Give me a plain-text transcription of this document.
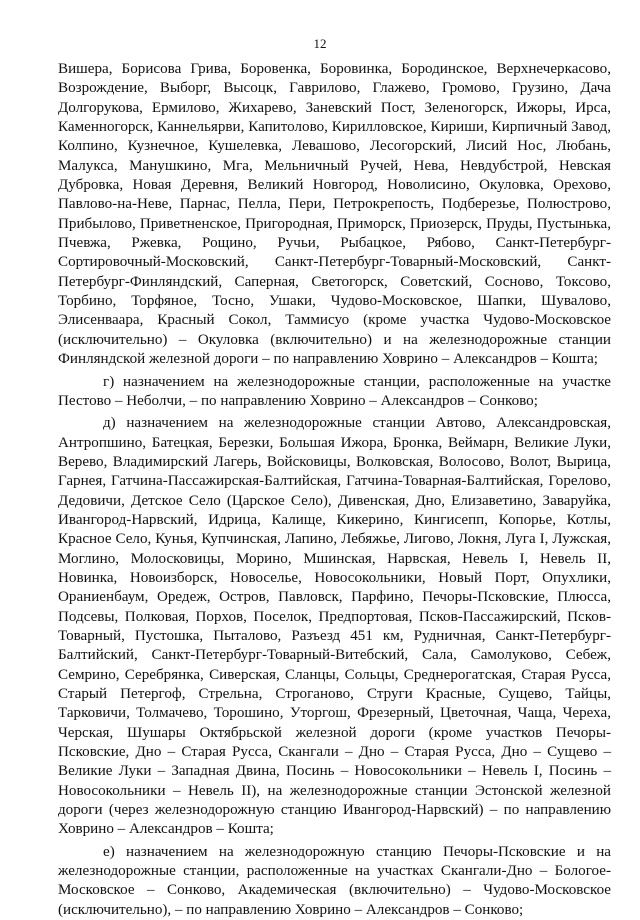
12

Вишера, Борисова Грива, Боровенка, Боровинка, Бородинское, Верхнечеркасово, Возрождение, Выборг, Высоцк, Гаврилово, Глажево, Громово, Грузино, Дача Долгорукова, Ермилово, Жихарево, Заневский Пост, Зеленогорск, Ижоры, Ирса, Каменногорск, Каннельярви, Капитолово, Кирилловское, Кириши, Кирпичный Завод, Колпино, Кузнечное, Кушелевка, Левашово, Лесогорский, Лисий Нос, Любань, Малукса, Манушкино, Мга, Мельничный Ручей, Нева, Невдубстрой, Невская Дубровка, Новая Деревня, Великий Новгород, Новолисино, Окуловка, Орехово, Павлово-на-Неве, Парнас, Пелла, Пери, Петрокрепость, Подберезье, Полюстрово, Прибылово, Приветненское, Пригородная, Приморск, Приозерск, Пруды, Пустынька, Пчевжа, Ржевка, Рощино, Ручьи, Рыбацкое, Рябово, Санкт-Петербург-Сортировочный-Московский, Санкт-Петербург-Товарный-Московский, Санкт-Петербург-Финляндский, Саперная, Светогорск, Советский, Сосново, Токсово, Торбино, Торфяное, Тосно, Ушаки, Чудово-Московское, Шапки, Шувалово, Элисенваара, Красный Сокол, Таммисуо (кроме участка Чудово-Московское (исключительно) – Окуловка (включительно) и на железнодорожные станции Финляндской железной дороги – по направлению Ховрино – Александров – Кошта;

г) назначением на железнодорожные станции, расположенные на участке Пестово – Неболчи, – по направлению Ховрино – Александров – Сонково;

д) назначением на железнодорожные станции Автово, Александровская, Антропшино, Батецкая, Березки, Большая Ижора, Бронка, Веймарн, Великие Луки, Верево, Владимирский Лагерь, Войсковицы, Волковская, Волосово, Волот, Вырица, Гарнея, Гатчина-Пассажирская-Балтийская, Гатчина-Товарная-Балтийская, Горелово, Дедовичи, Детское Село (Царское Село), Дивенская, Дно, Елизаветино, Заваруйка, Ивангород-Нарвский, Идрица, Калище, Кикерино, Кингисепп, Копорье, Котлы, Красное Село, Кунья, Купчинская, Лапино, Лебяжье, Лигово, Локня, Луга I, Лужская, Моглино, Молосковицы, Морино, Мшинская, Нарвская, Невель I, Невель II, Новинка, Новоизборск, Новоселье, Новосокольники, Новый Порт, Опухлики, Ораниенбаум, Оредеж, Остров, Павловск, Парфино, Печоры-Псковские, Плюсса, Подсевы, Полковая, Порхов, Поселок, Предпортовая, Псков-Пассажирский, Псков-Товарный, Пустошка, Пыталово, Разъезд 451 км, Рудничная, Санкт-Петербург-Балтийский, Санкт-Петербург-Товарный-Витебский, Сала, Самолуково, Себеж, Семрино, Серебрянка, Сиверская, Сланцы, Сольцы, Среднерогатская, Старая Русса, Старый Петергоф, Стрельна, Строганово, Струги Красные, Сущево, Тайцы, Тарковичи, Толмачево, Торошино, Уторгош, Фрезерный, Цветочная, Чаща, Череха, Черская, Шушары Октябрьской железной дороги (кроме участков Печоры-Псковские, Дно – Старая Русса, Скангали – Дно – Старая Русса, Дно – Сущево – Великие Луки – Западная Двина, Посинь – Новосокольники – Невель I, Посинь – Новосокольники – Невель II), на железнодорожные станции Эстонской железной дороги (через железнодорожную станцию Ивангород-Нарвский) – по направлению Ховрино – Александров – Кошта;

е) назначением на железнодорожную станцию Печоры-Псковские и на железнодорожные станции, расположенные на участках Скангали-Дно – Бологое-Московское – Сонково, Академическая (включительно) – Чудово-Московское (исключительно), – по направлению Ховрино – Александров – Сонково;
